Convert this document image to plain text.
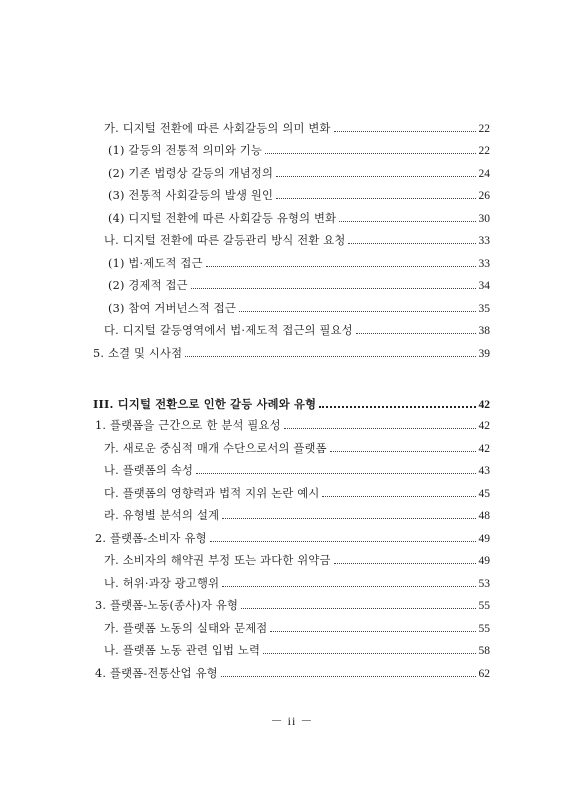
가. 디지털 전환에 따른 사회갈등의 의미 변화	22
(1) 갈등의 전통적 의미와 기능	22
(2) 기존 법령상 갈등의 개념정의	24
(3) 전통적 사회갈등의 발생 원인	26
(4) 디지털 전환에 따른 사회갈등 유형의 변화	30
나. 디지털 전환에 따른 갈등관리 방식 전환 요청	33
(1) 법·제도적 접근	33
(2) 경제적 접근	34
(3) 참여 거버넌스적 접근	35
다. 디지털 갈등영역에서 법·제도적 접근의 필요성	38
5. 소결 및 시사점	39
III. 디지털 전환으로 인한 갈등 사례와 유형	42
1. 플랫폼을 근간으로 한 분석 필요성	42
가. 새로운 중심적 매개 수단으로서의 플랫폼	42
나. 플랫폼의 속성	43
다. 플랫폼의 영향력과 법적 지위 논란 예시	45
라. 유형별 분석의 설계	48
2. 플랫폼-소비자 유형	49
가. 소비자의 해약권 부정 또는 과다한 위약금	49
나. 허위·과장 광고행위	53
3. 플랫폼-노동(종사)자 유형	55
가. 플랫폼 노동의 실태와 문제점	55
나. 플랫폼 노동 관련 입법 노력	58
4. 플랫폼-전통산업 유형	62
－ ii －
